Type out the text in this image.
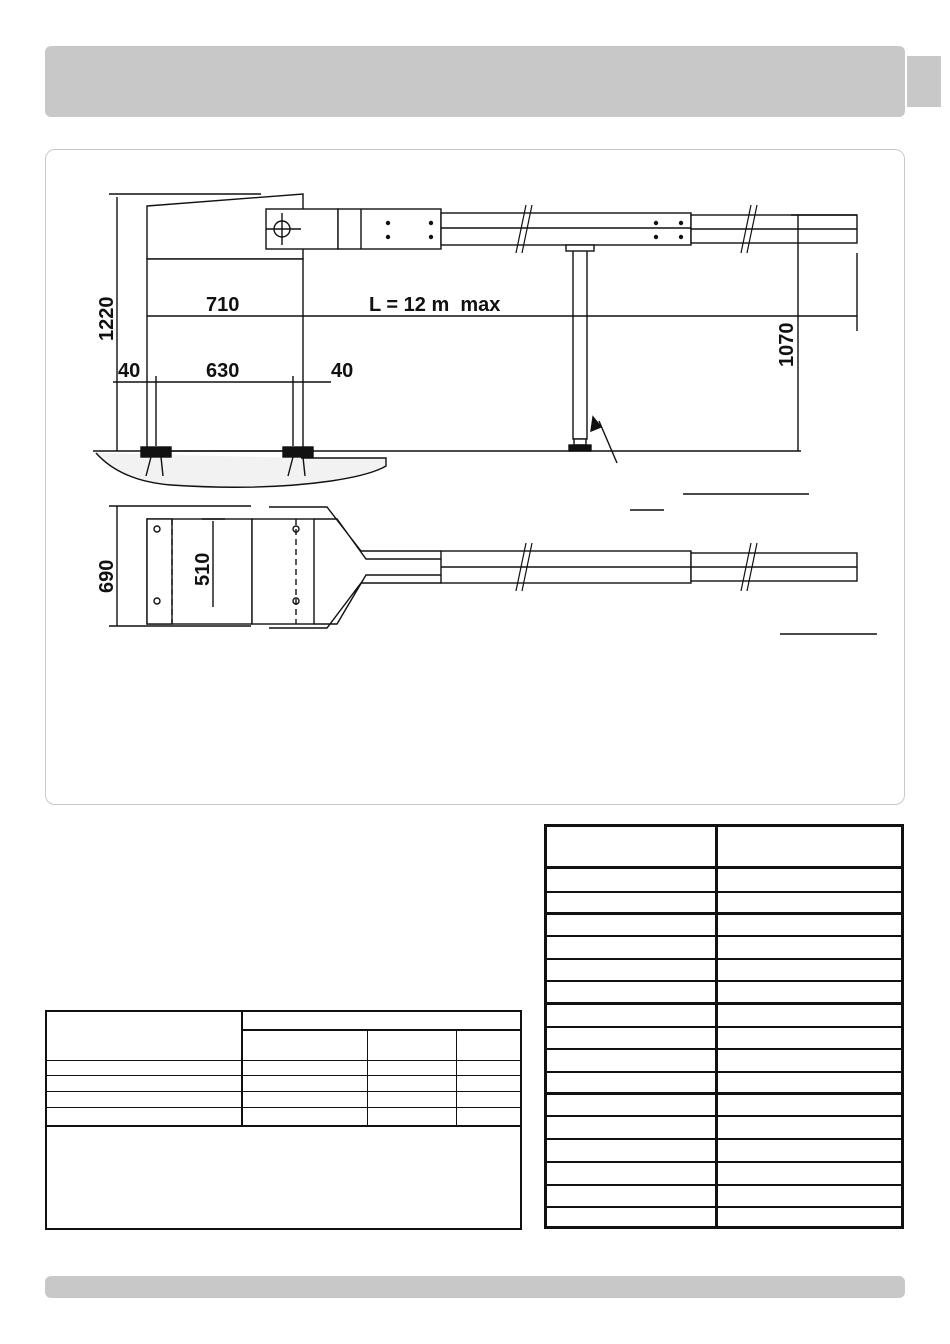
1220	710	L = 12 m  max
630
40	40
1070
690	510
